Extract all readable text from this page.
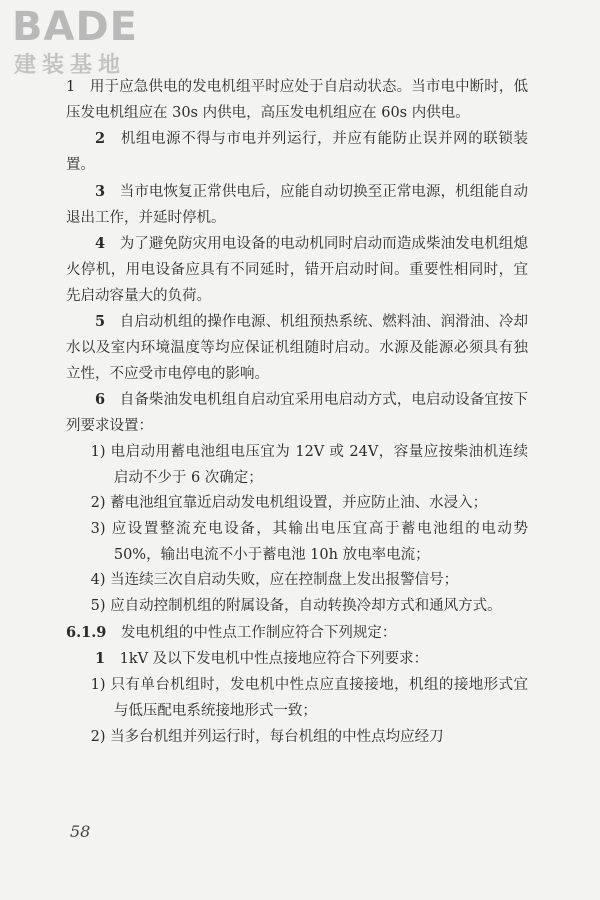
BADE
建装基地

1　用于应急供电的发电机组平时应处于自启动状态。当市电中断时，低压发电机组应在 30s 内供电，高压发电机组应在 60s 内供电。

2　 机组电源不得与市电并列运行，并应有能防止误并网的联锁装置。

3　 当市电恢复正常供电后，应能自动切换至正常电源，机组能自动退出工作，并延时停机。

4　 为了避免防灾用电设备的电动机同时启动而造成柴油发电机组熄火停机，用电设备应具有不同延时，错开启动时间。重要性相同时，宜先启动容量大的负荷。

5　 自启动机组的操作电源、机组预热系统、燃料油、润滑油、冷却水以及室内环境温度等均应保证机组随时启动。水源及能源必须具有独立性，不应受市电停电的影响。

6　 自备柴油发电机组自启动宜采用电启动方式，电启动设备宜按下列要求设置：

1) 电启动用蓄电池组电压宜为 12V 或 24V，容量应按柴油机连续启动不少于 6 次确定；

2) 蓄电池组宜靠近启动发电机组设置，并应防止油、水浸入；

3) 应设置整流充电设备，其输出电压宜高于蓄电池组的电动势 50%，输出电流不小于蓄电池 10h 放电率电流；

4) 当连续三次自启动失败，应在控制盘上发出报警信号；

5) 应自动控制机组的附属设备，自动转换冷却方式和通风方式。

6.1.9　 发电机组的中性点工作制应符合下列规定：

1　 1kV 及以下发电机中性点接地应符合下列要求：

1) 只有单台机组时，发电机中性点应直接接地，机组的接地形式宜与低压配电系统接地形式一致；

2) 当多台机组并列运行时，每台机组的中性点均应经刀

58
